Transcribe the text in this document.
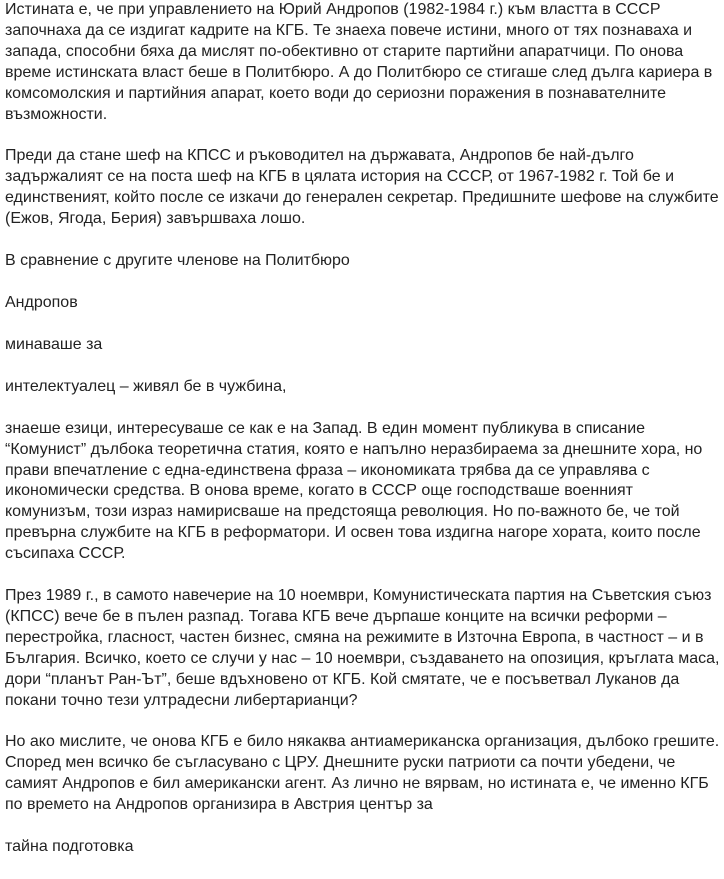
Истината е, че при управлението на Юрий Андропов (1982-1984 г.) към властта в СССР започнаха да се издигат кадрите на КГБ. Те знаеха повече истини, много от тях познаваха и запада, способни бяха да мислят по-обективно от старите партийни апаратчици. По онова време истинската власт беше в Политбюро. А до Политбюро се стигаше след дълга кариера в комсомолския и партийния апарат, което води до сериозни поражения в познавателните възможности.

Преди да стане шеф на КПСС и ръководител на държавата, Андропов бе най-дълго задържалият се на поста шеф на КГБ в цялата история на СССР, от 1967-1982 г. Той бе и единственият, който после се изкачи до генерален секретар. Предишните шефове на службите (Ежов, Ягода, Берия) завършваха лошо.

В сравнение с другите членове на Политбюро

Андропов

минаваше за

интелектуалец – живял бе в чужбина,

знаеше езици, интересуваше се как е на Запад. В един момент публикува в списание “Комунист” дълбока теоретична статия, която е напълно неразбираема за днешните хора, но прави впечатление с една-единствена фраза – икономиката трябва да се управлява с икономически средства. В онова време, когато в СССР още господстваше военният комунизъм, този израз намирисваше на предстояща революция. Но по-важното бе, че той превърна службите на КГБ в реформатори. И освен това издигна нагоре хората, които после съсипаха СССР.

През 1989 г., в самото навечерие на 10 ноември, Комунистическата партия на Съветския съюз (КПСС) вече бе в пълен разпад. Тогава КГБ вече дърпаше конците на всички реформи – перестройка, гласност, частен бизнес, смяна на режимите в Източна Европа, в частност – и в България. Всичко, което се случи у нас – 10 ноември, създаването на опозиция, кръглата маса, дори “планът Ран-Ът”, беше вдъхновено от КГБ. Кой смятате, че е посъветвал Луканов да покани точно тези ултрадесни либертарианци?

Но ако мислите, че онова КГБ е било някаква антиамериканска организация, дълбоко грешите. Според мен всичко бе съгласувано с ЦРУ. Днешните руски патриоти са почти убедени, че самият Андропов е бил американски агент. Аз лично не вярвам, но истината е, че именно КГБ по времето на Андропов организира в Австрия център за

тайна подготовка
